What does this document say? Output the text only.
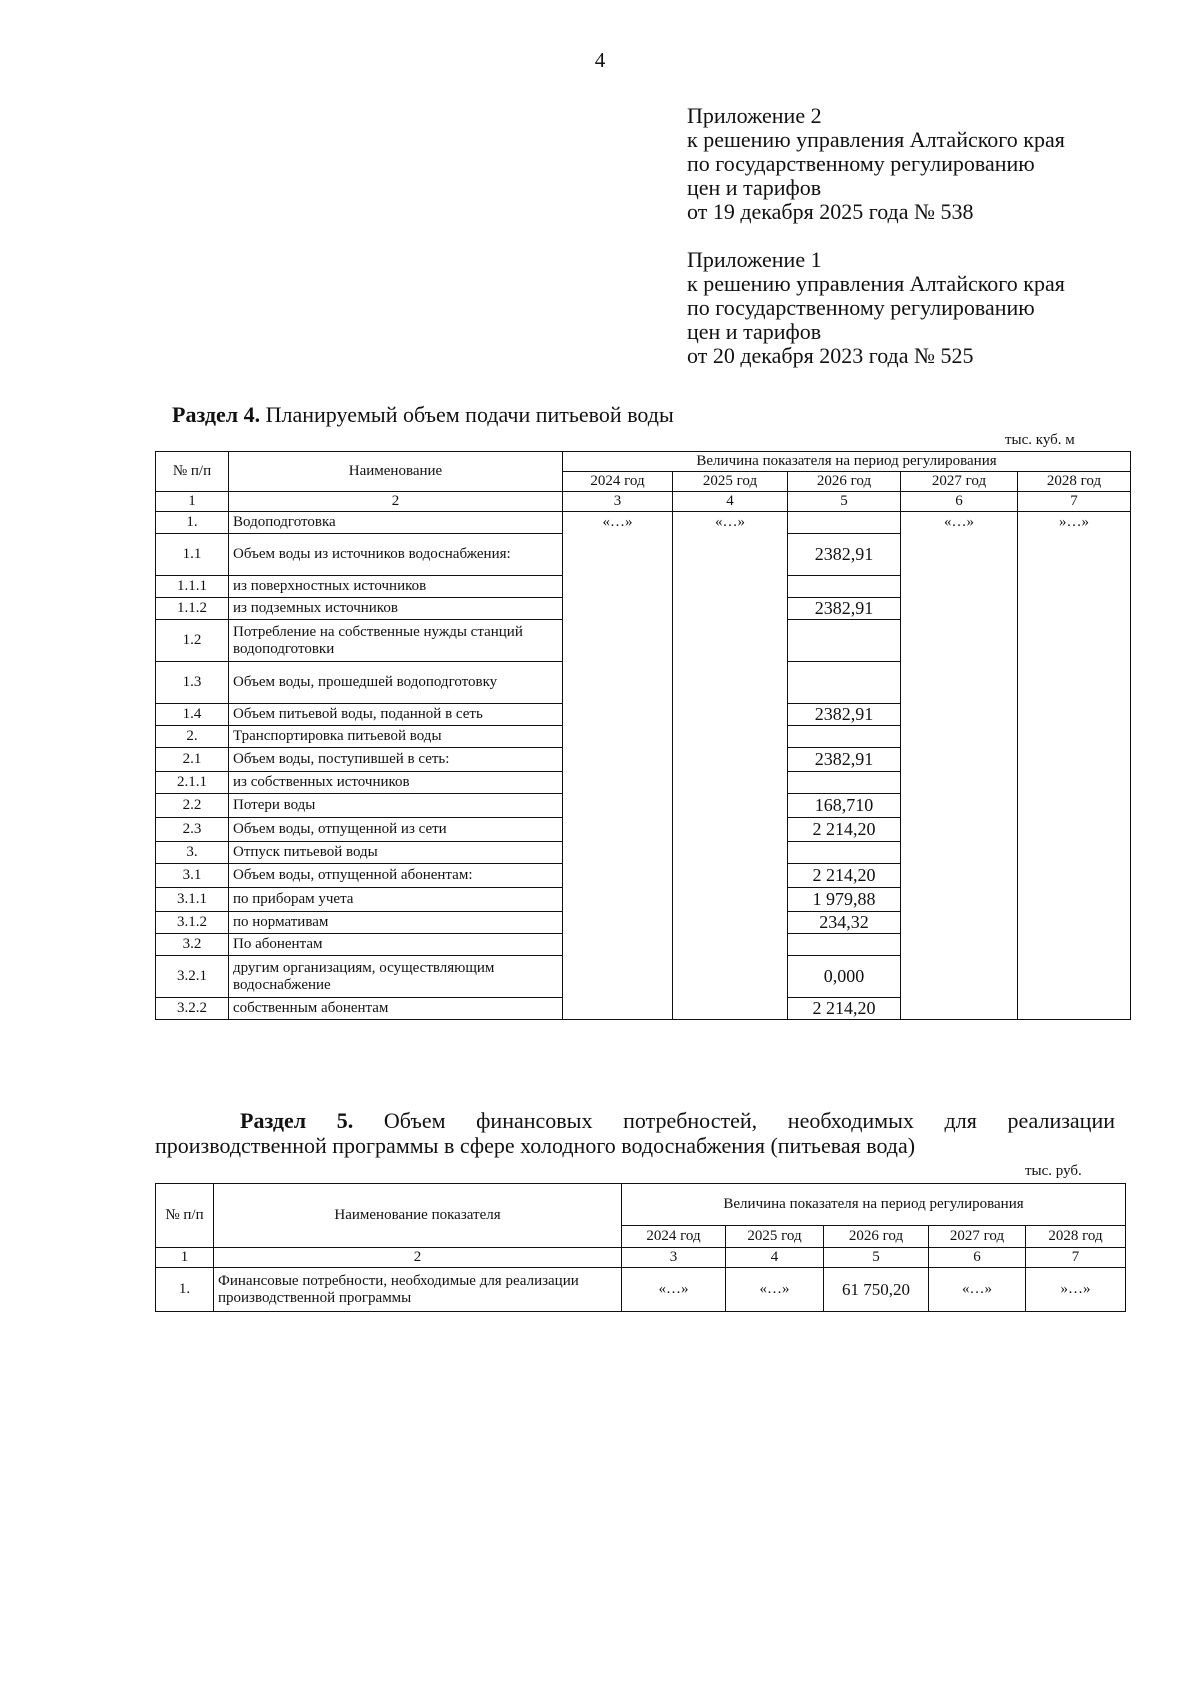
4
Приложение 2
к решению управления Алтайского края
по государственному регулированию
цен и тарифов
от 19 декабря 2025 года № 538
Приложение 1
к решению управления Алтайского края
по государственному регулированию
цен и тарифов
от 20 декабря 2023 года № 525
Раздел 4. Планируемый объем подачи питьевой воды
тыс. куб. м
№ п/п	Наименование	Величина показателя на период регулирования				
		2024 год	2025 год	2026 год	2027 год	2028 год
1	2	3	4	5	6	7
1.	Водоподготовка	«…»	«…»		«…»	»…»
1.1	Объем воды из источников водоснабжения:			2382,91		
1.1.1	из поверхностных источников					
1.1.2	из подземных источников			2382,91		
1.2	Потребление на собственные нужды станций водоподготовки					
1.3	Объем воды, прошедшей водоподготовку					
1.4	Объем питьевой воды, поданной в сеть			2382,91		
2.	Транспортировка питьевой воды					
2.1	Объем воды, поступившей в сеть:			2382,91		
2.1.1	из собственных источников					
2.2	Потери воды			168,710		
2.3	Объем воды, отпущенной из сети			2 214,20		
3.	Отпуск питьевой воды					
3.1	Объем воды, отпущенной абонентам:			2 214,20		
3.1.1	по приборам учета			1 979,88		
3.1.2	по нормативам			234,32		
3.2	По абонентам					
3.2.1	другим организациям, осуществляющим водоснабжение			0,000		
3.2.2	собственным абонентам			2 214,20		
Раздел 5. Объем финансовых потребностей, необходимых для реализации
производственной программы в сфере холодного водоснабжения (питьевая вода)
тыс. руб.
№ п/п	Наименование показателя	Величина показателя на период регулирования				
		2024 год	2025 год	2026 год	2027 год	2028 год
1	2	3	4	5	6	7
1.	Финансовые потребности, необходимые для реализации производственной программы	«…»	«…»	61 750,20	«…»	»…»
